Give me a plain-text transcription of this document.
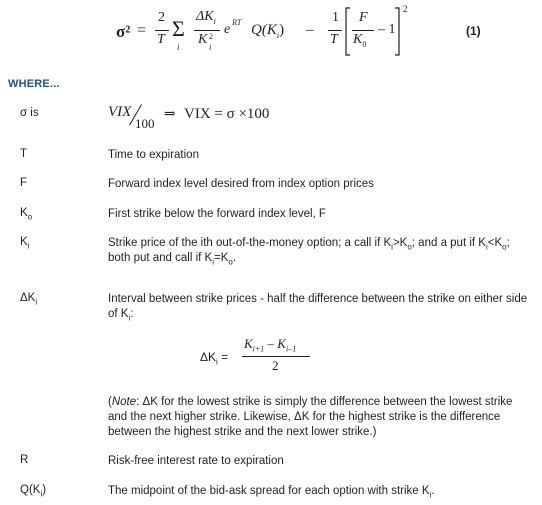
σ² =
2
T Σ
i
$\Delta K_i$
K 2
i
e RT $Q(K_i)$ –
1
T
F
$K_0$
– 1
2
(1)
WHERE...
σ is	VIX
100
⇒ VIX = σ ×100
T	Time to expiration
F	Forward index level desired from index option prices
$K_o$	First strike below the forward index level, F
$K_i$	Strike price of the ith out-of-the-money option; a call if $K_i>K_o$; and a put if $K_i<K_o$; both put and call if $K_i=K_o$.
$\Delta K_i$	Interval between strike prices - half the difference between the strike on either side of $K_i$:
$\Delta K_i$ =
$K_{i+1} - K_{i-1}$
2
(Note: ΔK for the lowest strike is simply the difference between the lowest strike and the next higher strike. Likewise, ΔK for the highest strike is the difference between the highest strike and the next lower strike.)
R	Risk-free interest rate to expiration
$Q(K_i)$	The midpoint of the bid-ask spread for each option with strike $K_i$.
